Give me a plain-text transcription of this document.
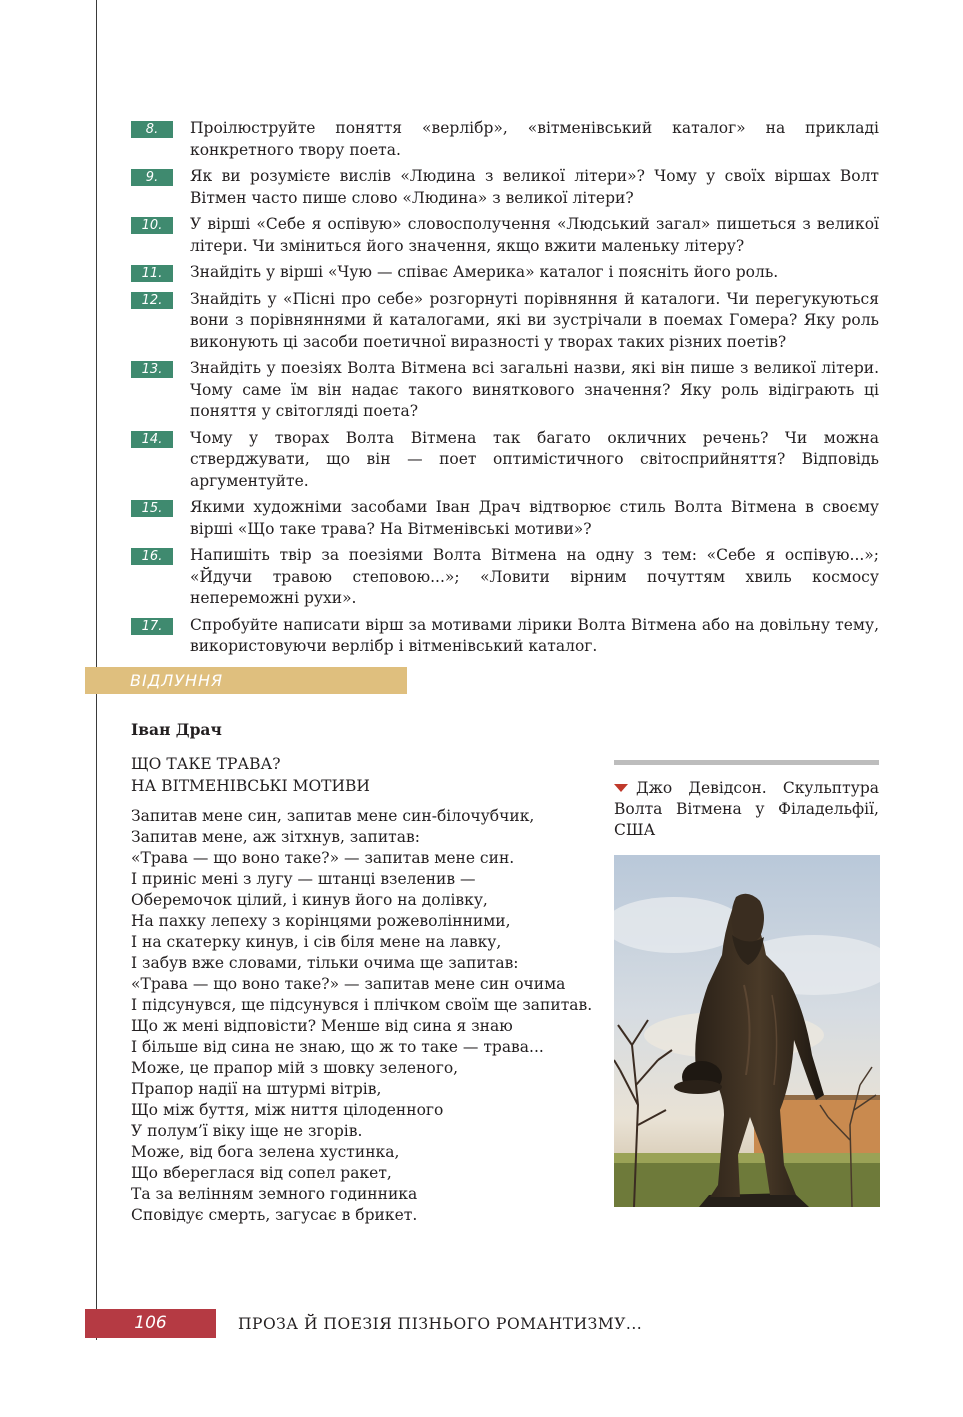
8.	Проілюструйте поняття «верлібр», «вітменівський каталог» на прикладі конкретного твору поета.
9.	Як ви розумієте вислів «Людина з великої літери»? Чому у своїх віршах Волт Вітмен часто пише слово «Людина» з великої літери?
10.	У вірші «Себе я оспівую» словосполучення «Людський загал» пишеться з великої літери. Чи зміниться його значення, якщо вжити маленьку літеру?
11.	Знайдіть у вірші «Чую — співає Америка» каталог і поясніть його роль.
12.	Знайдіть у «Пісні про себе» розгорнуті порівняння й каталоги. Чи перегукуються вони з порівняннями й каталогами, які ви зустрічали в поемах Гомера? Яку роль виконують ці засоби поетичної виразності у творах таких різних поетів?
13.	Знайдіть у поезіях Волта Вітмена всі загальні назви, які він пише з великої літери. Чому саме їм він надає такого виняткового значення? Яку роль відіграють ці поняття у світогляді поета?
14.	Чому у творах Волта Вітмена так багато окличних речень? Чи можна стверджувати, що він — поет оптимістичного світосприйняття? Відповідь аргументуйте.
15.	Якими художніми засобами Іван Драч відтворює стиль Волта Вітмена в своєму вірші «Що таке трава? На Вітменівські мотиви»?
16.	Напишіть твір за поезіями Волта Вітмена на одну з тем: «Себе я оспівую...»; «Йдучи травою степовою...»; «Ловити вірним почуттям хвиль космосу непереможні рухи».
17.	Спробуйте написати вірш за мотивами лірики Волта Вітмена або на довільну тему, використовуючи верлібр і вітменівський каталог.
ВІДЛУННЯ
Іван Драч
ЩО ТАКЕ ТРАВА?
НА ВІТМЕНІВСЬКІ МОТИВИ
Запитав мене син, запитав мене син-білочубчик,
Запитав мене, аж зітхнув, запитав:
«Трава — що воно таке?» — запитав мене син.
І приніс мені з лугу — штанці взеленив —
Оберемочок цілий, і кинув його на долівку,
На пахку лепеху з корінцями рожеволінними,
І на скатерку кинув, і сів біля мене на лавку,
І забув вже словами, тільки очима ще запитав:
«Трава — що воно таке?» — запитав мене син очима
І підсунувся, ще підсунувся і плічком своїм ще запитав.
Що ж мені відповісти? Менше від сина я знаю
І більше від сина не знаю, що ж то таке — трава...
Може, це прапор мій з шовку зеленого,
Прапор надії на штурмі вітрів,
Що між буття, між ниття цілоденного
У полум’ї віку іще не згорів.
Може, від бога зелена хустинка,
Що вбереглася від сопел ракет,
Та за велінням земного годинника
Сповідує смерть, загусає в брикет.
Джо Девідсон. Скульптура Волта Вітмена у Філадельфії, США
106	ПРОЗА Й ПОЕЗІЯ ПІЗНЬОГО РОМАНТИЗМУ...
